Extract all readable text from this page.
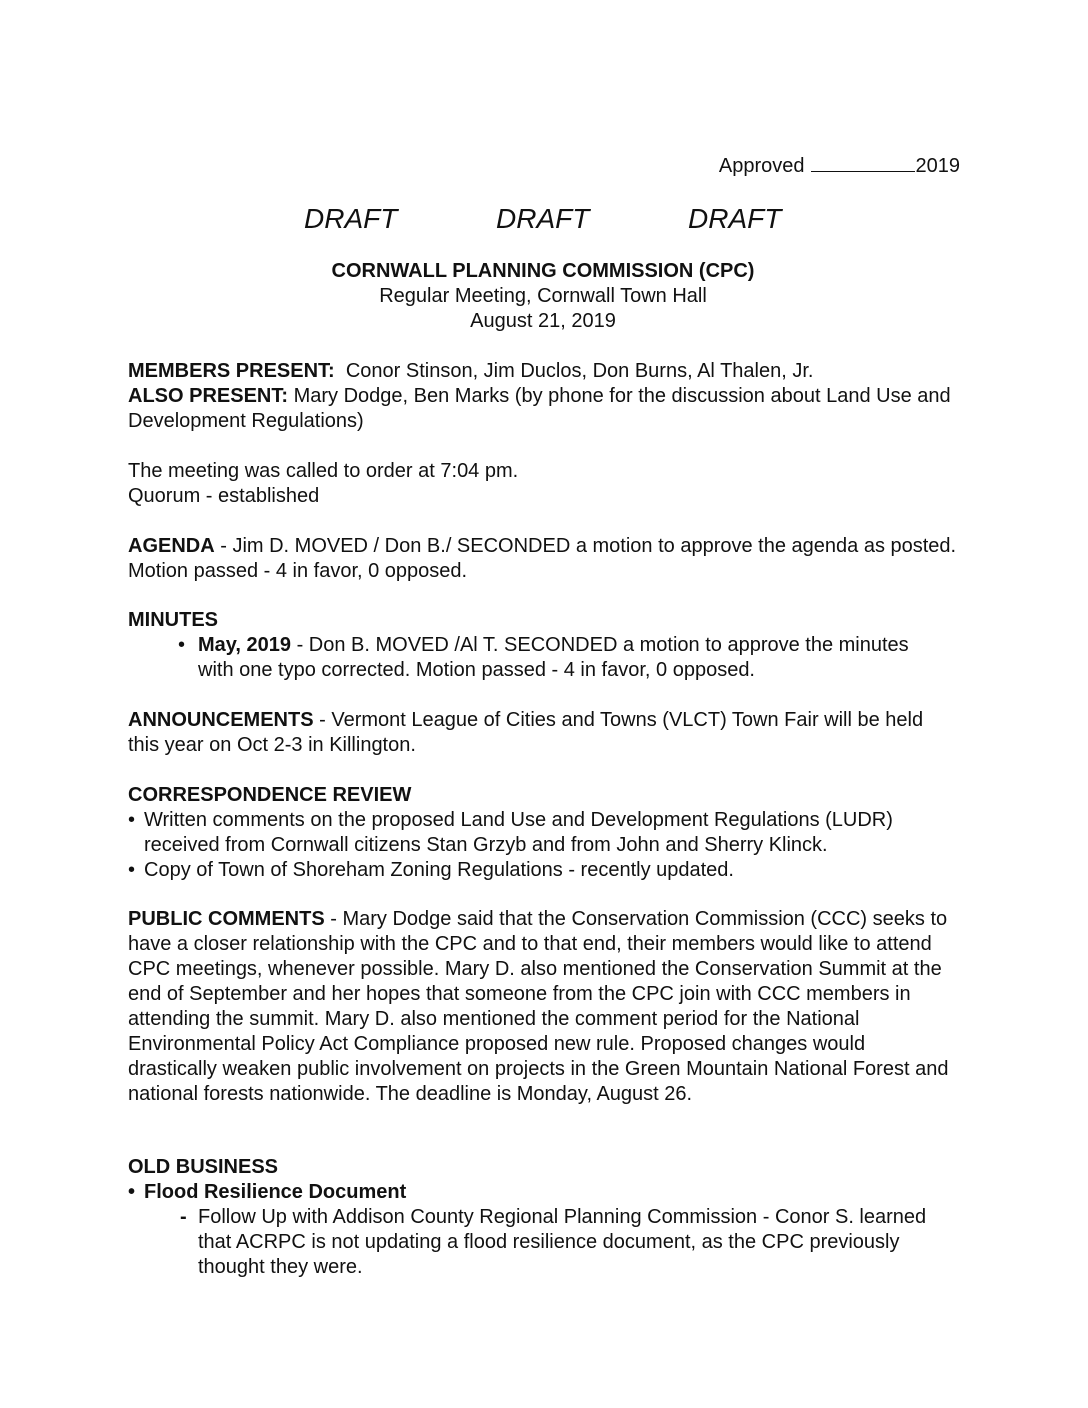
Approved	2019
DRAFT	DRAFT	DRAFT
CORNWALL PLANNING COMMISSION (CPC)
Regular Meeting, Cornwall Town Hall
August 21, 2019
MEMBERS PRESENT: Conor Stinson, Jim Duclos, Don Burns, Al Thalen, Jr.
ALSO PRESENT: Mary Dodge, Ben Marks (by phone for the discussion about Land Use and Development Regulations)
The meeting was called to order at 7:04 pm.
Quorum - established
AGENDA - Jim D. MOVED / Don B./ SECONDED a motion to approve the agenda as posted. Motion passed - 4 in favor, 0 opposed.
MINUTES
• May, 2019 - Don B. MOVED /Al T. SECONDED a motion to approve the minutes with one typo corrected. Motion passed - 4 in favor, 0 opposed.
ANNOUNCEMENTS - Vermont League of Cities and Towns (VLCT) Town Fair will be held this year on Oct 2-3 in Killington.
CORRESPONDENCE REVIEW
• Written comments on the proposed Land Use and Development Regulations (LUDR) received from Cornwall citizens Stan Grzyb and from John and Sherry Klinck.
• Copy of Town of Shoreham Zoning Regulations - recently updated.
PUBLIC COMMENTS - Mary Dodge said that the Conservation Commission (CCC) seeks to have a closer relationship with the CPC and to that end, their members would like to attend CPC meetings, whenever possible. Mary D. also mentioned the Conservation Summit at the end of September and her hopes that someone from the CPC join with CCC members in attending the summit. Mary D. also mentioned the comment period for the National Environmental Policy Act Compliance proposed new rule. Proposed changes would drastically weaken public involvement on projects in the Green Mountain National Forest and national forests nationwide. The deadline is Monday, August 26.
OLD BUSINESS
• Flood Resilience Document
- Follow Up with Addison County Regional Planning Commission - Conor S. learned that ACRPC is not updating a flood resilience document, as the CPC previously thought they were.
